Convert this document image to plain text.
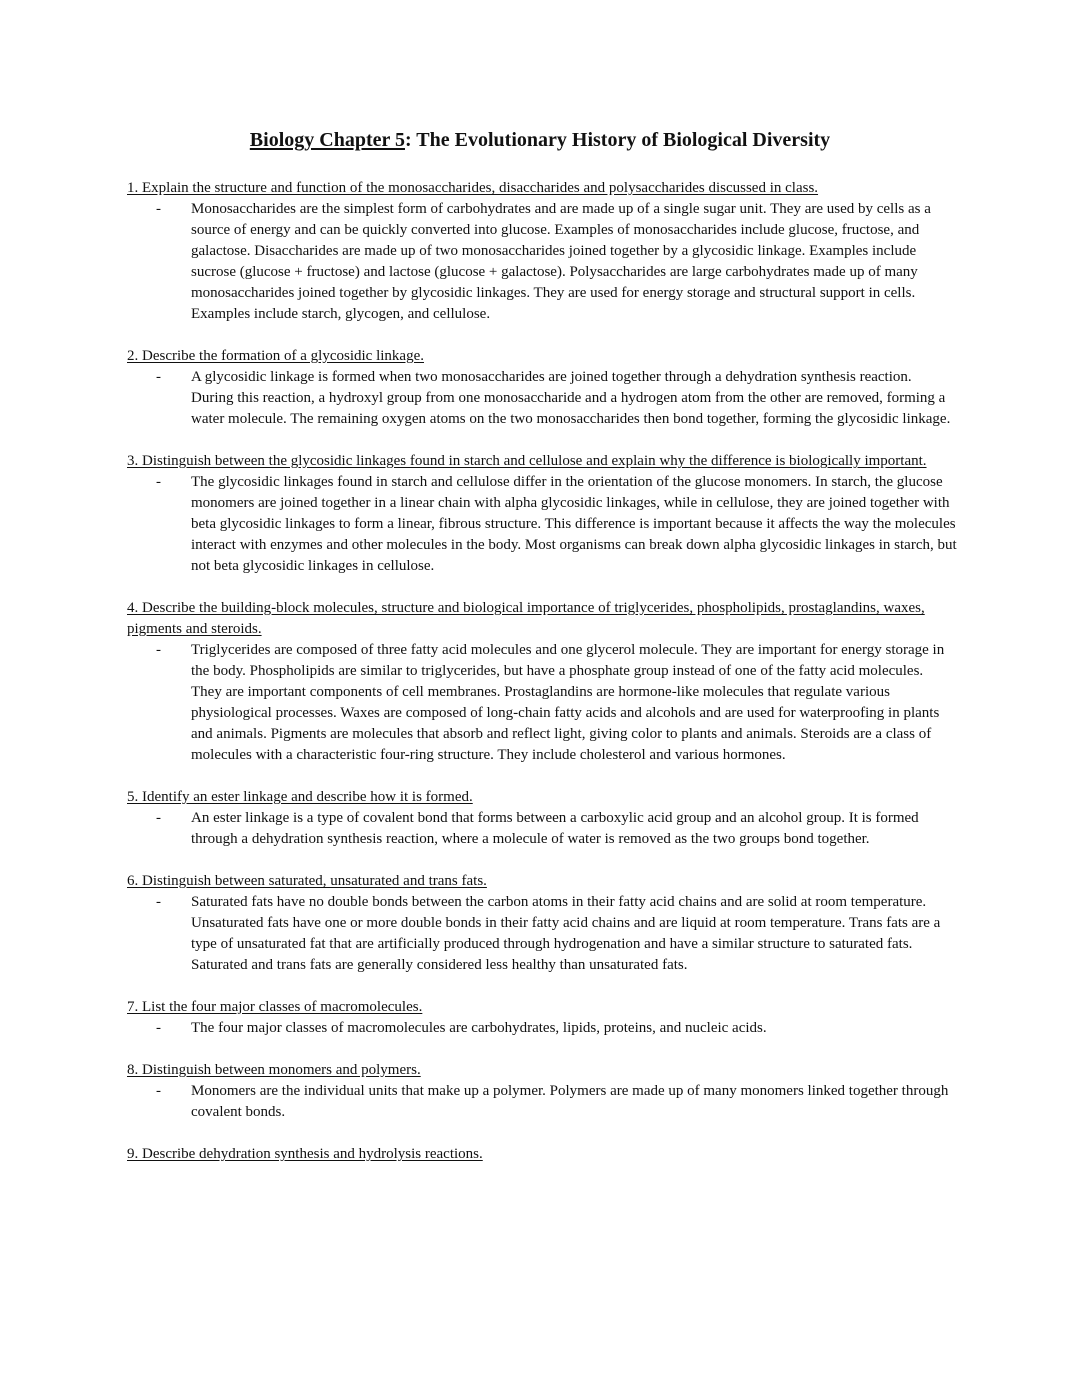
Biology Chapter 5: The Evolutionary History of Biological Diversity

1. Explain the structure and function of the monosaccharides, disaccharides and polysaccharides discussed in class.

- Monosaccharides are the simplest form of carbohydrates and are made up of a single sugar unit. They are used by cells as a source of energy and can be quickly converted into glucose. Examples of monosaccharides include glucose, fructose, and galactose. Disaccharides are made up of two monosaccharides joined together by a glycosidic linkage. Examples include sucrose (glucose + fructose) and lactose (glucose + galactose). Polysaccharides are large carbohydrates made up of many monosaccharides joined together by glycosidic linkages. They are used for energy storage and structural support in cells. Examples include starch, glycogen, and cellulose.

2. Describe the formation of a glycosidic linkage.

- A glycosidic linkage is formed when two monosaccharides are joined together through a dehydration synthesis reaction. During this reaction, a hydroxyl group from one monosaccharide and a hydrogen atom from the other are removed, forming a water molecule. The remaining oxygen atoms on the two monosaccharides then bond together, forming the glycosidic linkage.

3. Distinguish between the glycosidic linkages found in starch and cellulose and explain why the difference is biologically important.

- The glycosidic linkages found in starch and cellulose differ in the orientation of the glucose monomers. In starch, the glucose monomers are joined together in a linear chain with alpha glycosidic linkages, while in cellulose, they are joined together with beta glycosidic linkages to form a linear, fibrous structure. This difference is important because it affects the way the molecules interact with enzymes and other molecules in the body. Most organisms can break down alpha glycosidic linkages in starch, but not beta glycosidic linkages in cellulose.

4. Describe the building-block molecules, structure and biological importance of triglycerides, phospholipids, prostaglandins, waxes, pigments and steroids.

- Triglycerides are composed of three fatty acid molecules and one glycerol molecule. They are important for energy storage in the body. Phospholipids are similar to triglycerides, but have a phosphate group instead of one of the fatty acid molecules. They are important components of cell membranes. Prostaglandins are hormone-like molecules that regulate various physiological processes. Waxes are composed of long-chain fatty acids and alcohols and are used for waterproofing in plants and animals. Pigments are molecules that absorb and reflect light, giving color to plants and animals. Steroids are a class of molecules with a characteristic four-ring structure. They include cholesterol and various hormones.

5. Identify an ester linkage and describe how it is formed.

- An ester linkage is a type of covalent bond that forms between a carboxylic acid group and an alcohol group. It is formed through a dehydration synthesis reaction, where a molecule of water is removed as the two groups bond together.

6. Distinguish between saturated, unsaturated and trans fats.

- Saturated fats have no double bonds between the carbon atoms in their fatty acid chains and are solid at room temperature. Unsaturated fats have one or more double bonds in their fatty acid chains and are liquid at room temperature. Trans fats are a type of unsaturated fat that are artificially produced through hydrogenation and have a similar structure to saturated fats. Saturated and trans fats are generally considered less healthy than unsaturated fats.

7. List the four major classes of macromolecules.

- The four major classes of macromolecules are carbohydrates, lipids, proteins, and nucleic acids.

8. Distinguish between monomers and polymers.

- Monomers are the individual units that make up a polymer. Polymers are made up of many monomers linked together through covalent bonds.

9. Describe dehydration synthesis and hydrolysis reactions.
